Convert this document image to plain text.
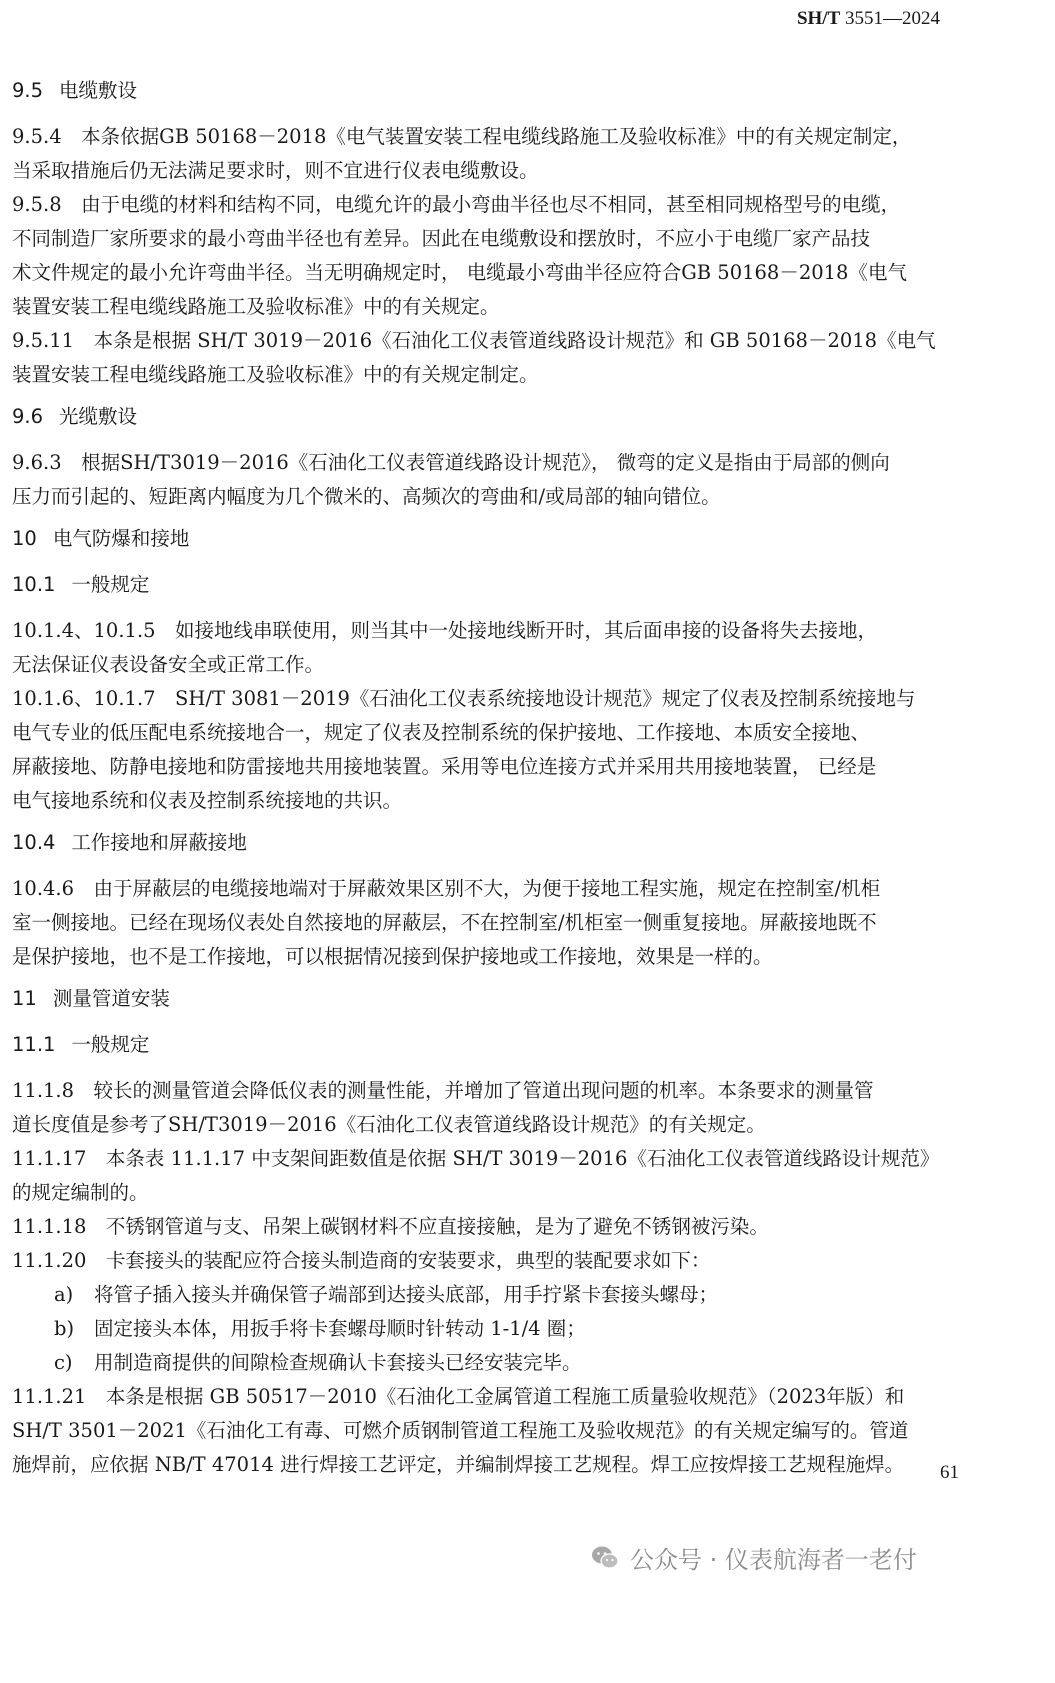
SH/T 3551—2024
9.5 电缆敷设
9.5.4　本条依据GB 50168－2018《电气装置安装工程电缆线路施工及验收标准》中的有关规定制定，
当采取措施后仍无法满足要求时，则不宜进行仪表电缆敷设。
9.5.8　由于电缆的材料和结构不同，电缆允许的最小弯曲半径也尽不相同，甚至相同规格型号的电缆，
不同制造厂家所要求的最小弯曲半径也有差异。因此在电缆敷设和摆放时，不应小于电缆厂家产品技
术文件规定的最小允许弯曲半径。当无明确规定时， 电缆最小弯曲半径应符合GB 50168－2018《电气
装置安装工程电缆线路施工及验收标准》中的有关规定。
9.5.11　本条是根据 SH/T 3019－2016《石油化工仪表管道线路设计规范》和 GB 50168－2018《电气
装置安装工程电缆线路施工及验收标准》中的有关规定制定。
9.6 光缆敷设
9.6.3　根据SH/T3019－2016《石油化工仪表管道线路设计规范》， 微弯的定义是指由于局部的侧向
压力而引起的、短距离内幅度为几个微米的、高频次的弯曲和/或局部的轴向错位。
10 电气防爆和接地
10.1 一般规定
10.1.4、10.1.5　如接地线串联使用，则当其中一处接地线断开时，其后面串接的设备将失去接地，
无法保证仪表设备安全或正常工作。
10.1.6、10.1.7　SH/T 3081－2019《石油化工仪表系统接地设计规范》规定了仪表及控制系统接地与
电气专业的低压配电系统接地合一，规定了仪表及控制系统的保护接地、工作接地、本质安全接地、
屏蔽接地、防静电接地和防雷接地共用接地装置。采用等电位连接方式并采用共用接地装置， 已经是
电气接地系统和仪表及控制系统接地的共识。
10.4 工作接地和屏蔽接地
10.4.6　由于屏蔽层的电缆接地端对于屏蔽效果区别不大，为便于接地工程实施，规定在控制室/机柜
室一侧接地。已经在现场仪表处自然接地的屏蔽层，不在控制室/机柜室一侧重复接地。屏蔽接地既不
是保护接地，也不是工作接地，可以根据情况接到保护接地或工作接地，效果是一样的。
11 测量管道安装
11.1 一般规定
11.1.8　较长的测量管道会降低仪表的测量性能，并增加了管道出现问题的机率。本条要求的测量管
道长度值是参考了SH/T3019－2016《石油化工仪表管道线路设计规范》的有关规定。
11.1.17　本条表 11.1.17 中支架间距数值是依据 SH/T 3019－2016《石油化工仪表管道线路设计规范》
的规定编制的。
11.1.18　不锈钢管道与支、吊架上碳钢材料不应直接接触，是为了避免不锈钢被污染。
11.1.20　卡套接头的装配应符合接头制造商的安装要求，典型的装配要求如下：
a) 将管子插入接头并确保管子端部到达接头底部，用手拧紧卡套接头螺母；
b) 固定接头本体，用扳手将卡套螺母顺时针转动 1-1/4 圈；
c) 用制造商提供的间隙检查规确认卡套接头已经安装完毕。
11.1.21　本条是根据 GB 50517－2010《石油化工金属管道工程施工质量验收规范》（2023年版）和
SH/T 3501－2021《石油化工有毒、可燃介质钢制管道工程施工及验收规范》的有关规定编写的。管道
施焊前，应依据 NB/T 47014 进行焊接工艺评定，并编制焊接工艺规程。焊工应按焊接工艺规程施焊。	61
公众号 · 仪表航海者一老付
